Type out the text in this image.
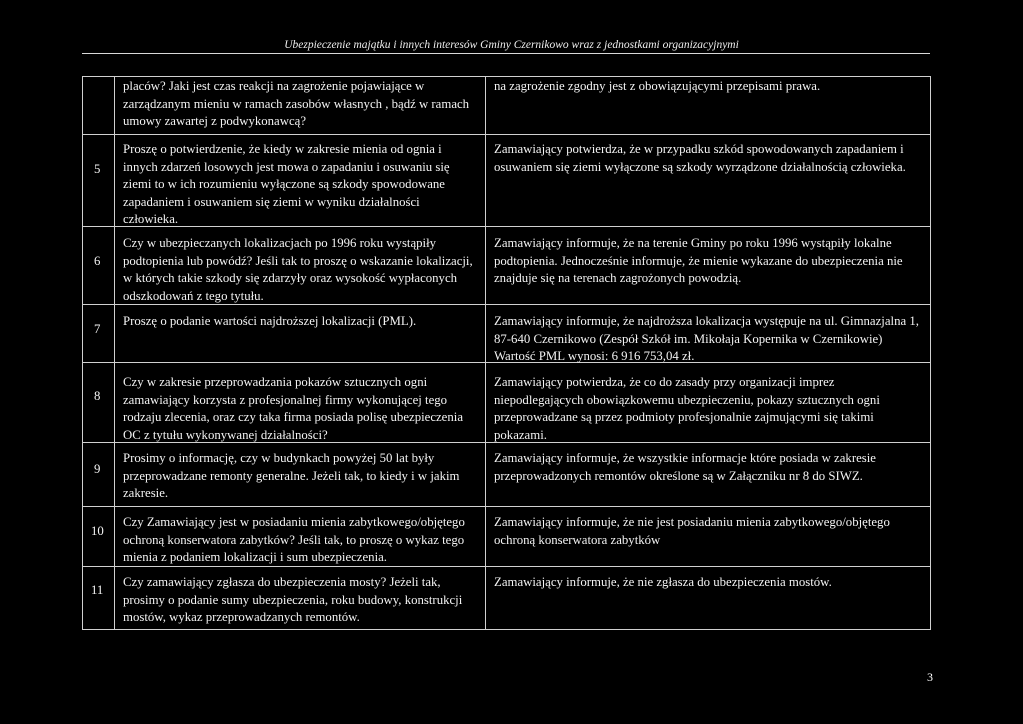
Ubezpieczenie majątku i innych interesów Gminy Czernikowo wraz z jednostkami organizacyjnymi
placów? Jaki jest czas reakcji na zagrożenie pojawiające w zarządzanym mieniu w ramach zasobów własnych , bądź w ramach umowy zawartej z podwykonawcą?
na zagrożenie zgodny jest z obowiązującymi przepisami prawa.
5
Proszę o potwierdzenie, że kiedy w zakresie mienia od ognia i innych zdarzeń losowych jest mowa o zapadaniu i osuwaniu się ziemi to w ich rozumieniu wyłączone są szkody spowodowane zapadaniem i osuwaniem się ziemi w wyniku działalności człowieka.
Zamawiający potwierdza, że w przypadku szkód spowodowanych zapadaniem i osuwaniem się ziemi wyłączone są szkody wyrządzone działalnością człowieka.
6
Czy w ubezpieczanych lokalizacjach po 1996 roku wystąpiły podtopienia lub powódź? Jeśli tak to proszę o wskazanie lokalizacji, w których takie szkody się zdarzyły oraz wysokość wypłaconych odszkodowań z tego tytułu.
Zamawiający informuje, że na terenie Gminy po roku 1996 wystąpiły lokalne podtopienia. Jednocześnie informuje, że mienie wykazane do ubezpieczenia nie znajduje się na terenach zagrożonych powodzią.
7
Proszę o podanie wartości najdroższej lokalizacji (PML).	Zamawiający informuje, że najdroższa lokalizacja występuje na ul. Gimnazjalna 1, 87-640 Czernikowo (Zespół Szkół im. Mikołaja Kopernika w Czernikowie) Wartość PML wynosi: 6 916 753,04 zł.
8
Czy w zakresie przeprowadzania pokazów sztucznych ogni zamawiający korzysta z profesjonalnej firmy wykonującej tego rodzaju zlecenia, oraz czy taka firma posiada polisę ubezpieczenia OC z tytułu wykonywanej działalności?
Zamawiający potwierdza, że co do zasady przy organizacji imprez niepodlegających obowiązkowemu ubezpieczeniu, pokazy sztucznych ogni przeprowadzane są przez podmioty profesjonalnie zajmującymi się takimi pokazami.
9
Prosimy o informację, czy w budynkach powyżej 50 lat były przeprowadzane remonty generalne. Jeżeli tak, to kiedy i w jakim zakresie.
Zamawiający informuje, że wszystkie informacje które posiada w zakresie przeprowadzonych remontów określone są w Załączniku nr 8 do SIWZ.
10
Czy Zamawiający jest w posiadaniu mienia zabytkowego/objętego ochroną konserwatora zabytków? Jeśli tak, to proszę o wykaz tego mienia z podaniem lokalizacji i sum ubezpieczenia.
Zamawiający informuje, że nie jest posiadaniu mienia zabytkowego/objętego ochroną konserwatora zabytków
11
Czy zamawiający zgłasza do ubezpieczenia mosty? Jeżeli tak, prosimy o podanie sumy ubezpieczenia, roku budowy, konstrukcji mostów, wykaz przeprowadzanych remontów.
Zamawiający informuje, że nie zgłasza do ubezpieczenia mostów.
3
